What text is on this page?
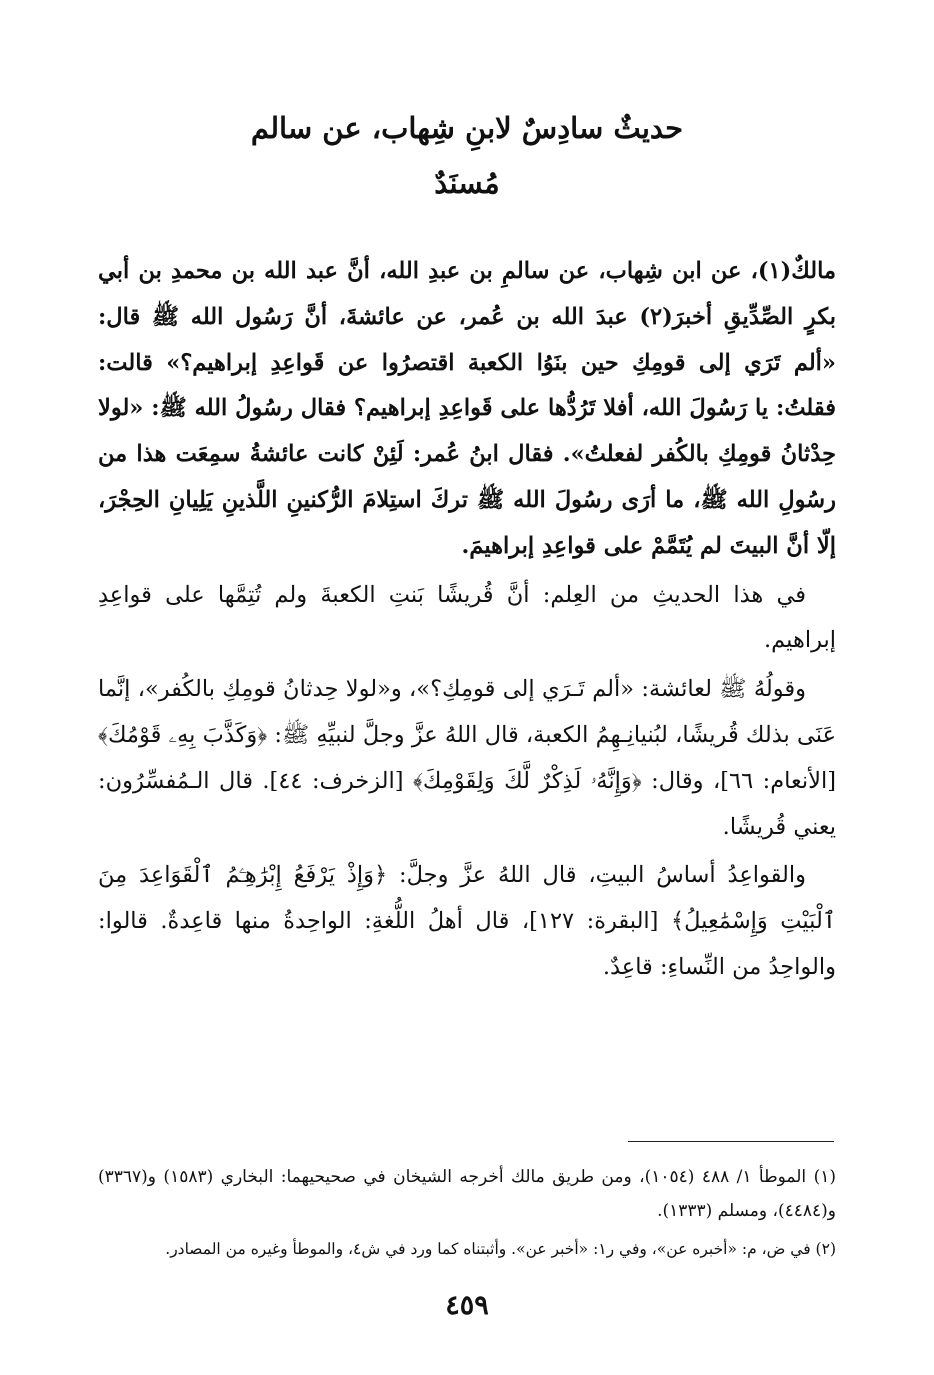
حديثٌ سادِسٌ لابنِ شِهاب، عن سالم
مُسنَدٌ

مالكٌ(١)، عن ابن شِهاب، عن سالمِ بن عبدِ الله، أنَّ عبد الله بن محمدِ بن أبي بكرٍ الصِّدِّيقِ أخبرَ(٢) عبدَ الله بن عُمر، عن عائشةَ، أنَّ رَسُول الله ﷺ قال: «ألم تَرَي إلى قومِكِ حين بنَوُا الكعبة اقتصرُوا عن قَواعِدِ إبراهيم؟» قالت: فقلتُ: يا رَسُولَ الله، أفلا تَرُدُّها على قَواعِدِ إبراهيم؟ فقال رسُولُ الله ﷺ: «لولا حِدْثانُ قومِكِ بالكُفر لفعلتُ». فقال ابنُ عُمر: لَئِنْ كانت عائشةُ سمِعَت هذا من رسُولِ الله ﷺ، ما أرَى رسُولَ الله ﷺ تركَ استِلامَ الرُّكنينِ اللَّذينِ يَلِيانِ الحِجْرَ، إلّا أنَّ البيتَ لم يُتَمَّمْ على قواعِدِ إبراهيمَ.

في هذا الحديثِ من العِلم: أنَّ قُريشًا بَنتِ الكعبةَ ولم تُتِمَّها على قواعِدِ إبراهيم.

وقولُهُ ﷺ لعائشة: «ألم تَـرَي إلى قومِكِ؟»، و«لولا حِدثانُ قومِكِ بالكُفر»، إنَّما عَنَى بذلك قُريشًا، لبُنيانِـهِمُ الكعبة، قال اللهُ عزَّ وجلَّ لنبيِّهِ ﷺ: ﴿وَكَذَّبَ بِهِۦ قَوْمُكَ﴾ [الأنعام: ٦٦]، وقال: ﴿وَإِنَّهُۥ لَذِكْرٌ لَّكَ وَلِقَوْمِكَ﴾ [الزخرف: ٤٤]. قال الـمُفسِّرُون: يعني قُريشًا.

والقواعِدُ أساسُ البيتِ، قال اللهُ عزَّ وجلَّ: ﴿وَإِذْ يَرْفَعُ إِبْرَٰهِـۧمُ ٱلْقَوَاعِدَ مِنَ ٱلْبَيْتِ وَإِسْمَٰعِيلُ﴾ [البقرة: ١٢٧]، قال أهلُ اللُّغةِ: الواحِدةُ منها قاعِدةٌ. قالوا: والواحِدُ من النِّساءِ: قاعِدٌ.

(١) الموطأ ١/ ٤٨٨ (١٠٥٤)، ومن طريق مالك أخرجه الشيخان في صحيحيهما: البخاري (١٥٨٣) و(٣٣٦٧) و(٤٤٨٤)، ومسلم (١٣٣٣).

(٢) في ض، م: «أخبره عن»، وفي ر١: «أخبر عن». وأثبتناه كما ورد في ش٤، والموطأ وغيره من المصادر.

٤٥٩
